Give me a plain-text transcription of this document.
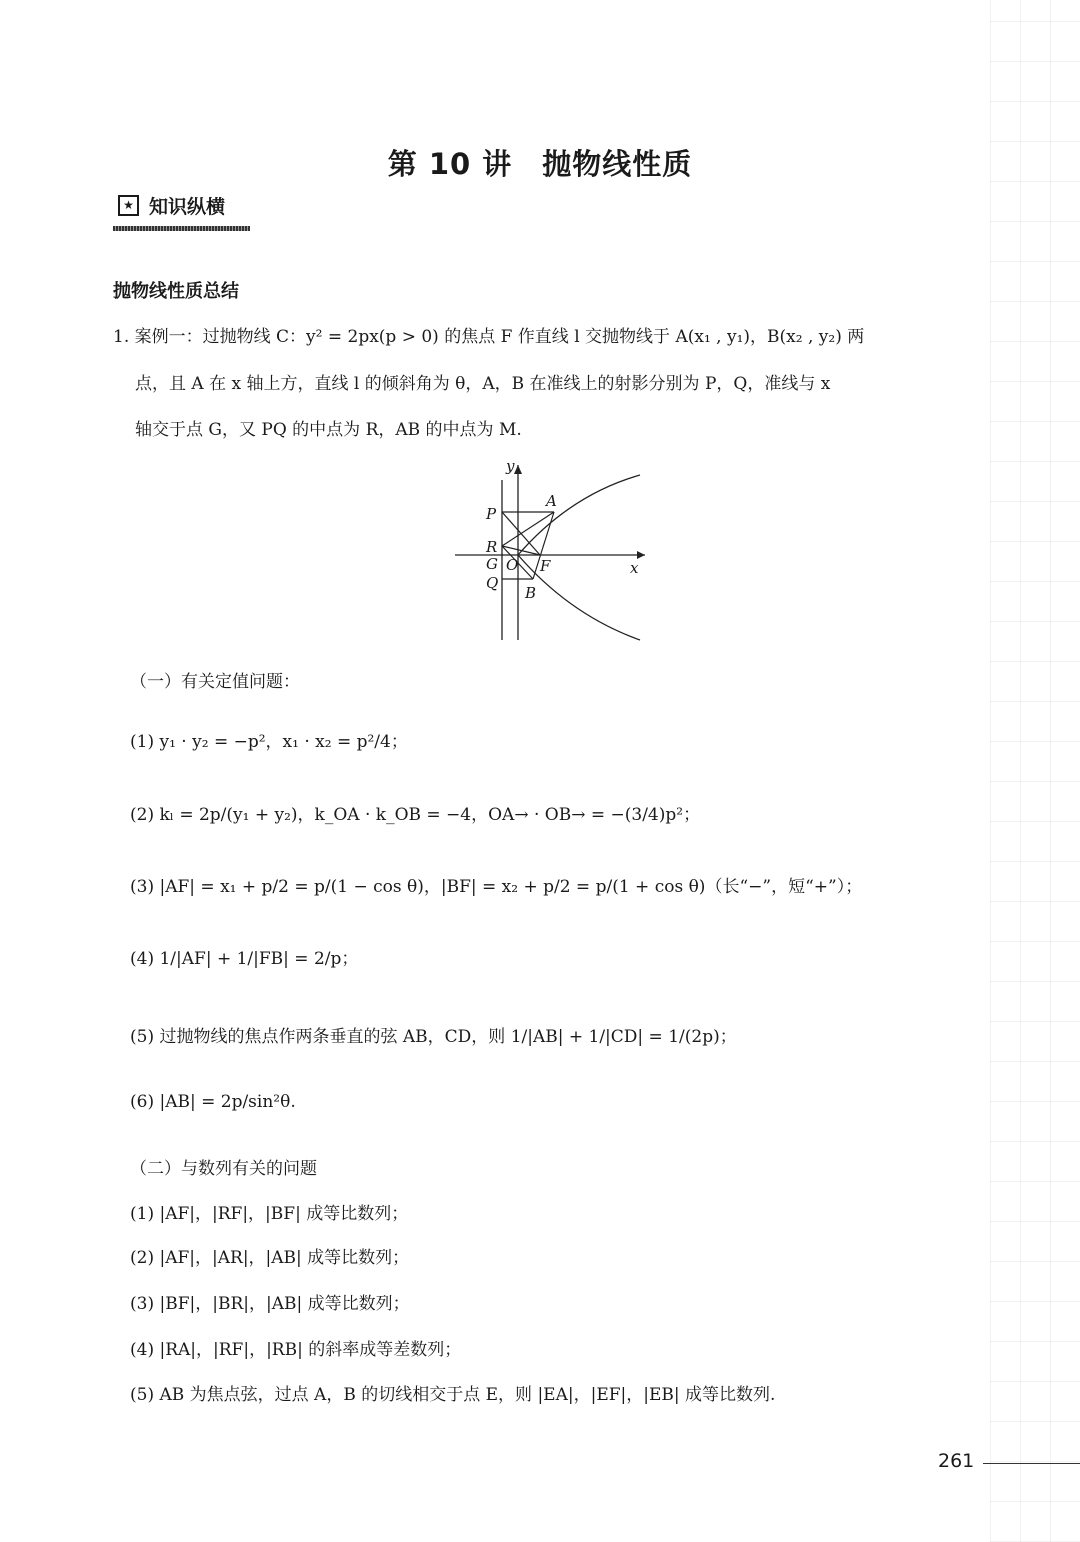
第 10 讲　抛物线性质
★ 知识纵横
抛物线性质总结
1. 案例一：过抛物线 C：y² = 2px(p > 0) 的焦点 F 作直线 l 交抛物线于 A(x₁ , y₁)，B(x₂ , y₂) 两
点，且 A 在 x 轴上方，直线 l 的倾斜角为 θ，A，B 在准线上的射影分别为 P，Q，准线与 x
轴交于点 G，又 PQ 的中点为 R，AB 的中点为 M.
y
x
A
B
P
R
G
Q
O F
（一）有关定值问题：
(1) y₁ · y₂ = −p²，x₁ · x₂ = p²/4；
(2) kₗ = 2p/(y₁ + y₂)，k_OA · k_OB = −4，OA→ · OB→ = −(3/4)p²；
(3) |AF| = x₁ + p/2 = p/(1 − cos θ)，|BF| = x₂ + p/2 = p/(1 + cos θ)（长“−”，短“+”）；
(4) 1/|AF| + 1/|FB| = 2/p；
(5) 过抛物线的焦点作两条垂直的弦 AB，CD，则 1/|AB| + 1/|CD| = 1/(2p)；
(6) |AB| = 2p/sin²θ.
（二）与数列有关的问题
(1) |AF|，|RF|，|BF| 成等比数列；
(2) |AF|，|AR|，|AB| 成等比数列；
(3) |BF|，|BR|，|AB| 成等比数列；
(4) |RA|，|RF|，|RB| 的斜率成等差数列；
(5) AB 为焦点弦，过点 A，B 的切线相交于点 E，则 |EA|，|EF|，|EB| 成等比数列.
261
